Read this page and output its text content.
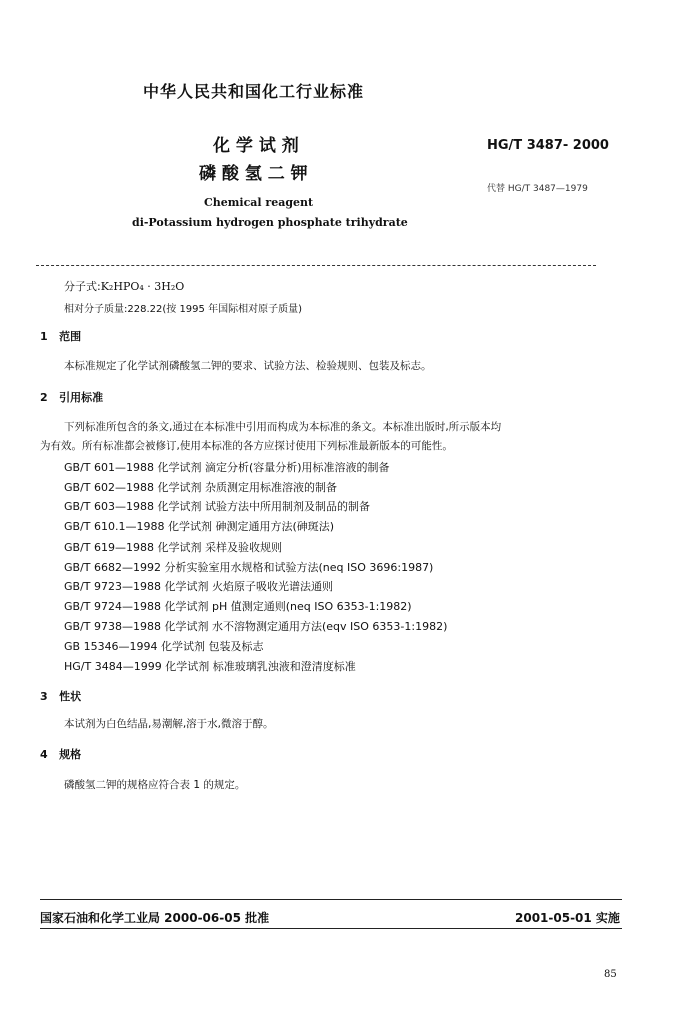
中华人民共和国化工行业标准
化 学 试 剂
磷 酸 氢 二 钾
HG/T 3487- 2000
代替 HG/T 3487—1979
Chemical reagent
di-Potassium hydrogen phosphate trihydrate
分子式:K₂HPO₄ · 3H₂O
相对分子质量:228.22(按 1995 年国际相对原子质量)
1 范围
本标准规定了化学试剂磷酸氢二钾的要求、试验方法、检验规则、包装及标志。
2 引用标准
下列标准所包含的条文,通过在本标准中引用而构成为本标准的条文。本标准出版时,所示版本均
为有效。所有标准都会被修订,使用本标准的各方应探讨使用下列标准最新版本的可能性。
GB/T 601—1988 化学试剂 滴定分析(容量分析)用标准溶液的制备
GB/T 602—1988 化学试剂 杂质测定用标准溶液的制备
GB/T 603—1988 化学试剂 试验方法中所用制剂及制品的制备
GB/T 610.1—1988 化学试剂 砷测定通用方法(砷斑法)
GB/T 619—1988 化学试剂 采样及验收规则
GB/T 6682—1992 分析实验室用水规格和试验方法(neq ISO 3696:1987)
GB/T 9723—1988 化学试剂 火焰原子吸收光谱法通则
GB/T 9724—1988 化学试剂 pH 值测定通则(neq ISO 6353-1:1982)
GB/T 9738—1988 化学试剂 水不溶物测定通用方法(eqv ISO 6353-1:1982)
GB 15346—1994 化学试剂 包装及标志
HG/T 3484—1999 化学试剂 标准玻璃乳浊液和澄清度标准
3 性状
本试剂为白色结晶,易潮解,溶于水,微溶于醇。
4 规格
磷酸氢二钾的规格应符合表 1 的规定。
国家石油和化学工业局 2000-06-05 批准	2001-05-01 实施
85
